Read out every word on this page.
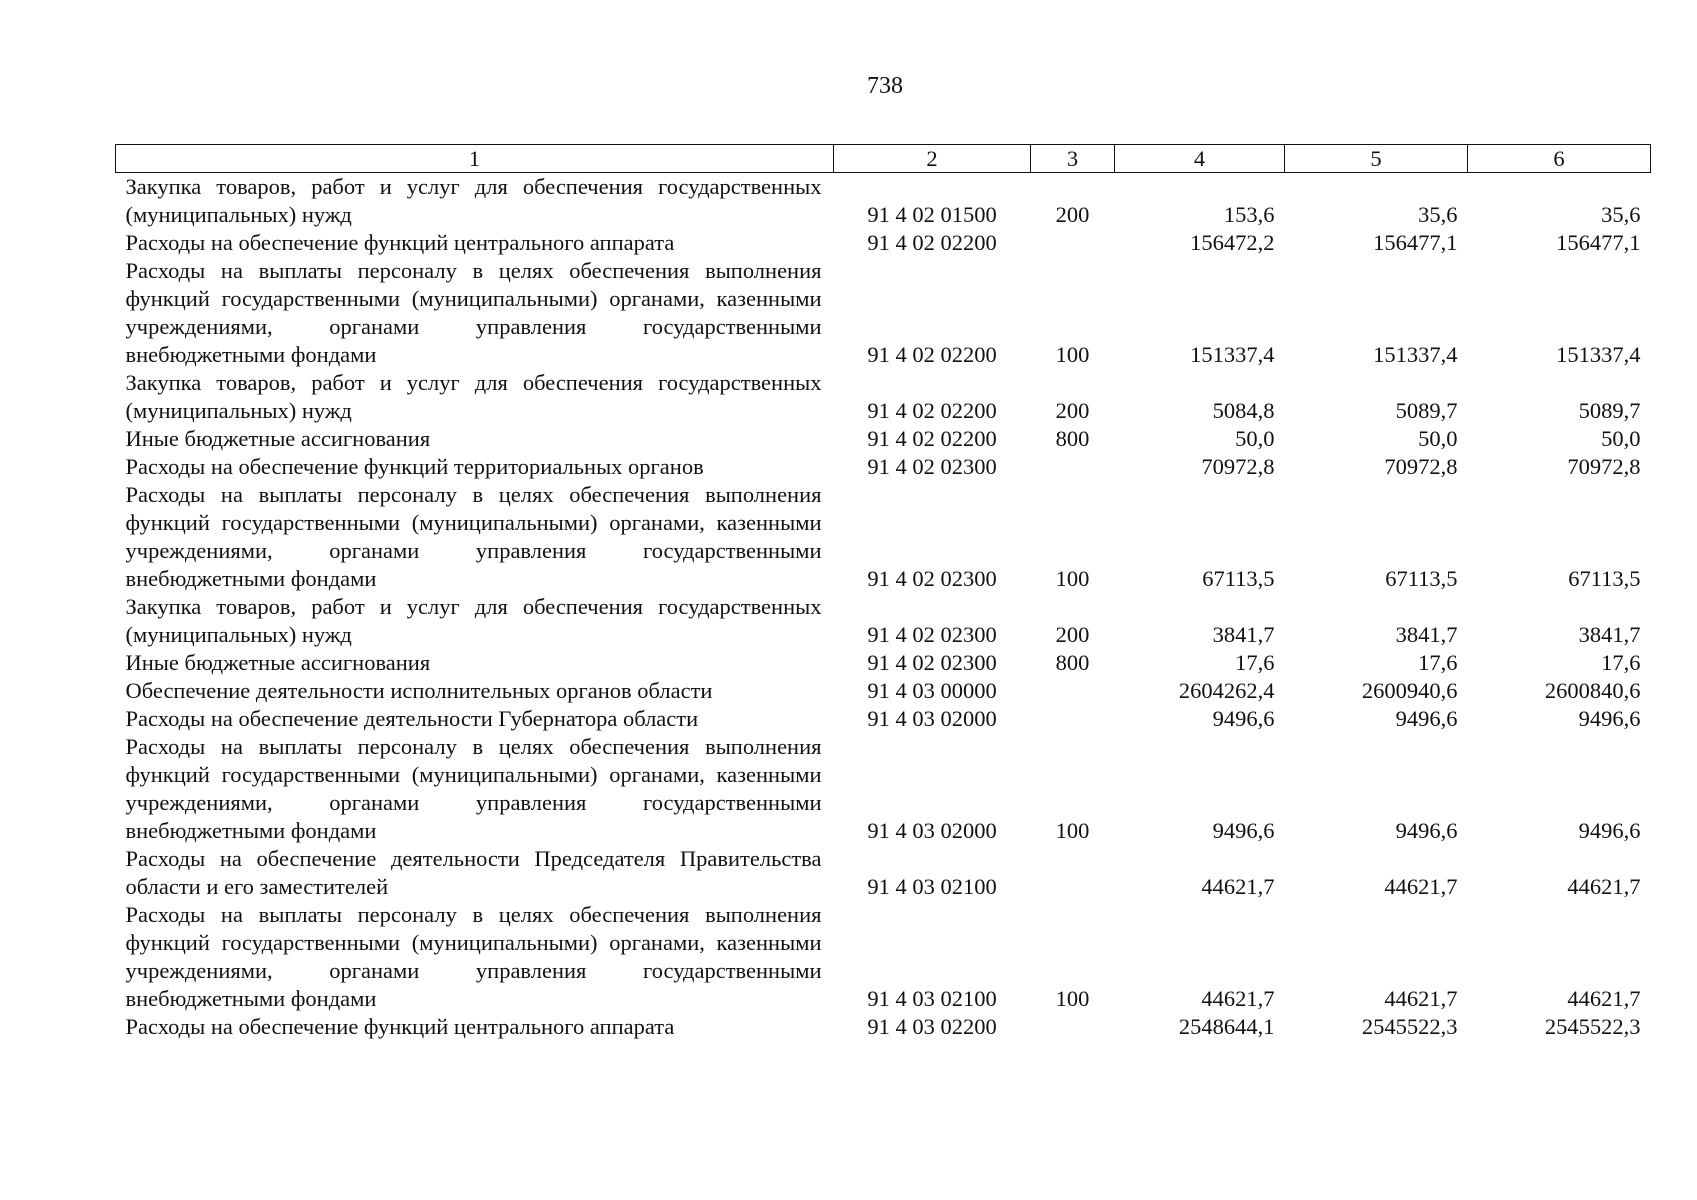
738
1	2	3	4	5	6
Закупка товаров, работ и услуг для обеспечения государственных (муниципальных) нужд	91 4 02 01500	200	153,6	35,6	35,6
Расходы на обеспечение функций центрального аппарата	91 4 02 02200		156472,2	156477,1	156477,1
Расходы на выплаты персоналу в целях обеспечения выполнения функций государственными (муниципальными) органами, казенными учреждениями, органами управления государственными внебюджетными фондами	91 4 02 02200	100	151337,4	151337,4	151337,4
Закупка товаров, работ и услуг для обеспечения государственных (муниципальных) нужд	91 4 02 02200	200	5084,8	5089,7	5089,7
Иные бюджетные ассигнования	91 4 02 02200	800	50,0	50,0	50,0
Расходы на обеспечение функций территориальных органов	91 4 02 02300		70972,8	70972,8	70972,8
Расходы на выплаты персоналу в целях обеспечения выполнения функций государственными (муниципальными) органами, казенными учреждениями, органами управления государственными внебюджетными фондами	91 4 02 02300	100	67113,5	67113,5	67113,5
Закупка товаров, работ и услуг для обеспечения государственных (муниципальных) нужд	91 4 02 02300	200	3841,7	3841,7	3841,7
Иные бюджетные ассигнования	91 4 02 02300	800	17,6	17,6	17,6
Обеспечение деятельности исполнительных органов области	91 4 03 00000		2604262,4	2600940,6	2600840,6
Расходы на обеспечение деятельности Губернатора области	91 4 03 02000		9496,6	9496,6	9496,6
Расходы на выплаты персоналу в целях обеспечения выполнения функций государственными (муниципальными) органами, казенными учреждениями, органами управления государственными внебюджетными фондами	91 4 03 02000	100	9496,6	9496,6	9496,6
Расходы на обеспечение деятельности Председателя Правительства области и его заместителей	91 4 03 02100		44621,7	44621,7	44621,7
Расходы на выплаты персоналу в целях обеспечения выполнения функций государственными (муниципальными) органами, казенными учреждениями, органами управления государственными внебюджетными фондами	91 4 03 02100	100	44621,7	44621,7	44621,7
Расходы на обеспечение функций центрального аппарата	91 4 03 02200		2548644,1	2545522,3	2545522,3
